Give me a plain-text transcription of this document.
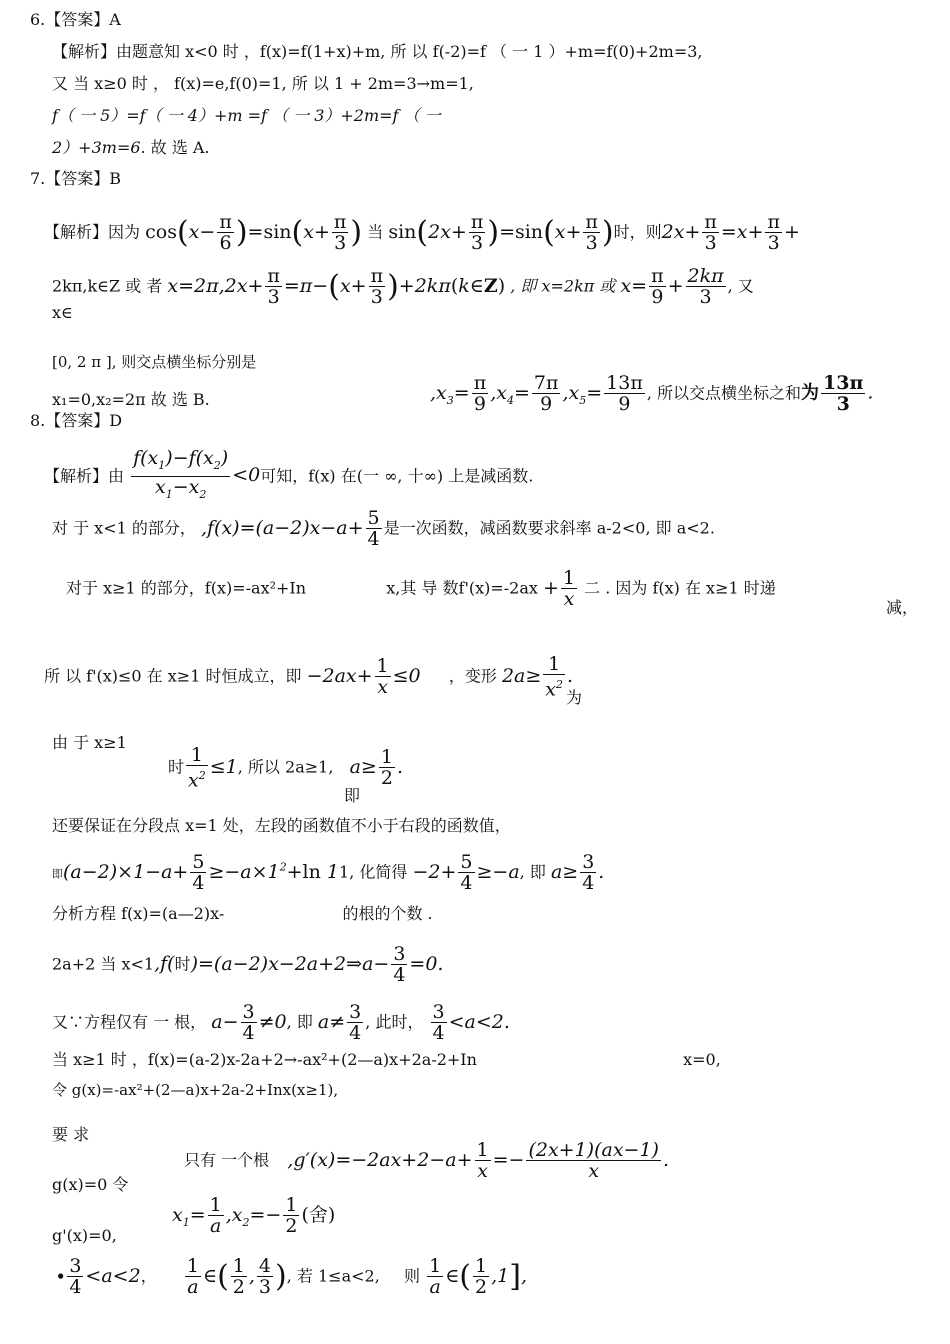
6.【答案】A
【解析】由题意知 x<0 时 ，f(x)=f(1+x)+m, 所 以 f(-2)=f （ 一 1 ）+m=f(0)+2m=3,
又 当 x≥0 时 ， f(x)=e,f(0)=1, 所 以 1 + 2m=3→m=1,
f（ 一 5）=f（ 一 4）+m =f （ 一 3）+2m=f （ 一
2）+3m=6. 故 选 A.
7.【答案】B
【解析】因为 $\cos(x- \frac{\pi}{6} )=\sin(x+ \frac{\pi}{3}$ ) 当 $\sin(2x+ \frac{\pi}{3} )=\sin(x+ \frac{\pi}{3}$ )时，则$2x+ \frac{\pi}{3} =x+ \frac{\pi}{3}$ +
2kπ,k∈Z 或 者 $x=2\pi,2x+ \frac{\pi}{3} =\pi-(x+ \frac{\pi}{3}$ )+2kπ(k∈Z) , 即 x=2kπ 或 $x= \frac{\pi}{9} + \frac{2k\pi}{3}$ , 又
x∈
[0, 2 π ], 则交点横坐标分别是
x₁=0,x₂=2π 故 选 B.	$,x_3= \frac{\pi}{9} ,x_4= \frac{7\pi}{9} ,x_5= \frac{13\pi}{9}$ , 所以交点横坐标之和为 $\frac{13\pi}{3}$ .
8.【答案】D
【解析】由 $\frac{f(x_1)-f(x_2)}{x_1-x_2} <0$可知，f(x) 在(一 ∞, 十∞) 上是减函数.
对 于 x<1 的部分， $,f(x)=(a-2)x-a+ \frac{5}{4}$ 是一次函数，减函数要求斜率 a-2<0, 即 a<2.
对于 x≥1 的部分，f(x)=-ax²+In	x,其 导 数$f'(x)=-2ax + \frac{1}{x}$ 二 . 因为 f(x) 在 x≥1 时递
减，
所 以 f'(x)≤0 在 x≥1 时恒成立，即 $-2ax+ \frac{1}{x} \le 0$ ，变形 $2a\ge \frac{1}{x^2}$ .
为
由 于 x≥1
时 $\frac{1}{x^2} \le 1$, 所以 2a≥1, $a\ge \frac{1}{2}$ .
即
还要保证在分段点 x=1 处，左段的函数值不小于右段的函数值，
即$(a-2)\times 1-a+ \frac{5}{4} \ge-a\times 1^2+\ln$ 11, 化简得 $-2+ \frac{5}{4} \ge-a$, 即 $a\ge \frac{3}{4}$ .
分析方程 f(x)=(a—2)x-	的根的个数 .
2a+2 当 x<1,f(时)=(a−2)x−2a+2⇒a− $\frac{3}{4} =0$.
又∵方程仅有 一 根， $a- \frac{3}{4} \ne 0$, 即 $a\ne \frac{3}{4}$ , 此时， $\frac{3}{4} <a<2$.
当 x≥1 时 ，f(x)=(a-2)x-2a+2→-ax²+(2—a)x+2a-2+In	x=0,
令 g(x)=-ax²+(2—a)x+2a-2+Inx(x≥1),
要 求
只有 一个根 $,g'(x)=-2ax+2-a+ \frac{1}{x} =- \frac{(2x+1)(ax-1)}{x}$ .
g(x)=0 令
$x_1= \frac{1}{a} ,x_2=- \frac{1}{2}$ (舍)
g'(x)=0,
∙ $\frac{3}{4} <a<2$， $\frac{1}{a}$ ∈( $\frac{1}{2}$ , $\frac{4}{3}$ ), 若 1≤a<2, 则 $\frac{1}{a}$ ∈( $\frac{1}{2} ,1$],
